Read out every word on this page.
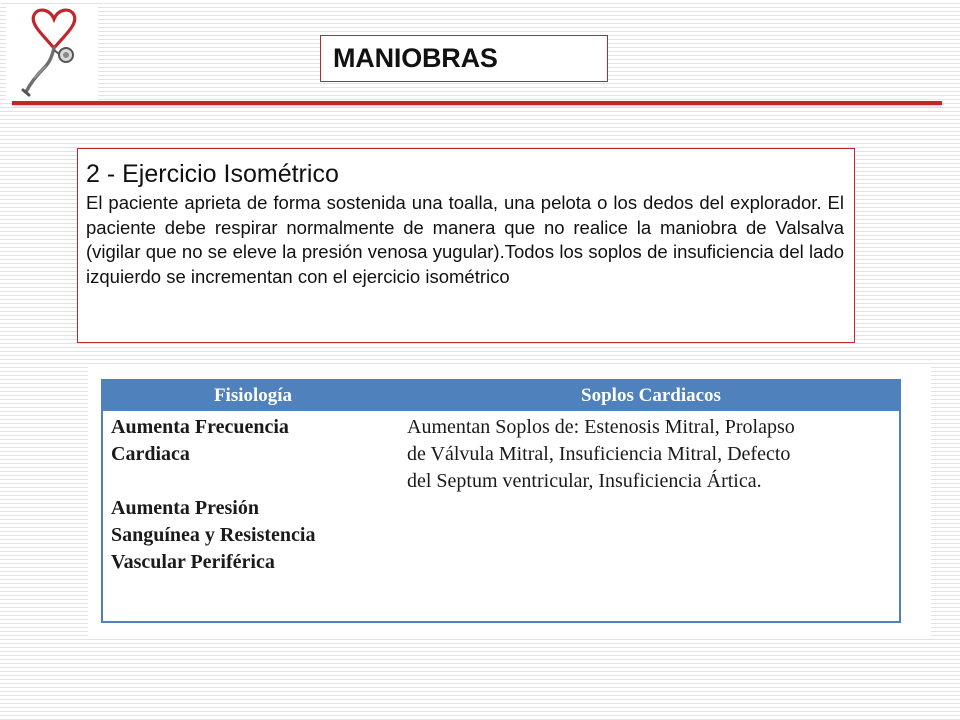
MANIOBRAS
2 - Ejercicio Isométrico

El paciente aprieta de forma sostenida una toalla, una pelota o los dedos del explorador. El paciente debe respirar normalmente de manera que no realice la maniobra de Valsalva (vigilar que no se eleve la presión venosa yugular).Todos los soplos de insuficiencia del lado izquierdo se incrementan con el ejercicio isométrico

Fisiología	Soplos Cardiacos
Aumenta Frecuencia
Cardiaca
Aumenta Presión
Sanguínea y Resistencia
Vascular Periférica
Aumentan Soplos de: Estenosis Mitral, Prolapso
de Válvula Mitral, Insuficiencia Mitral, Defecto
del Septum ventricular, Insuficiencia Ártica.
